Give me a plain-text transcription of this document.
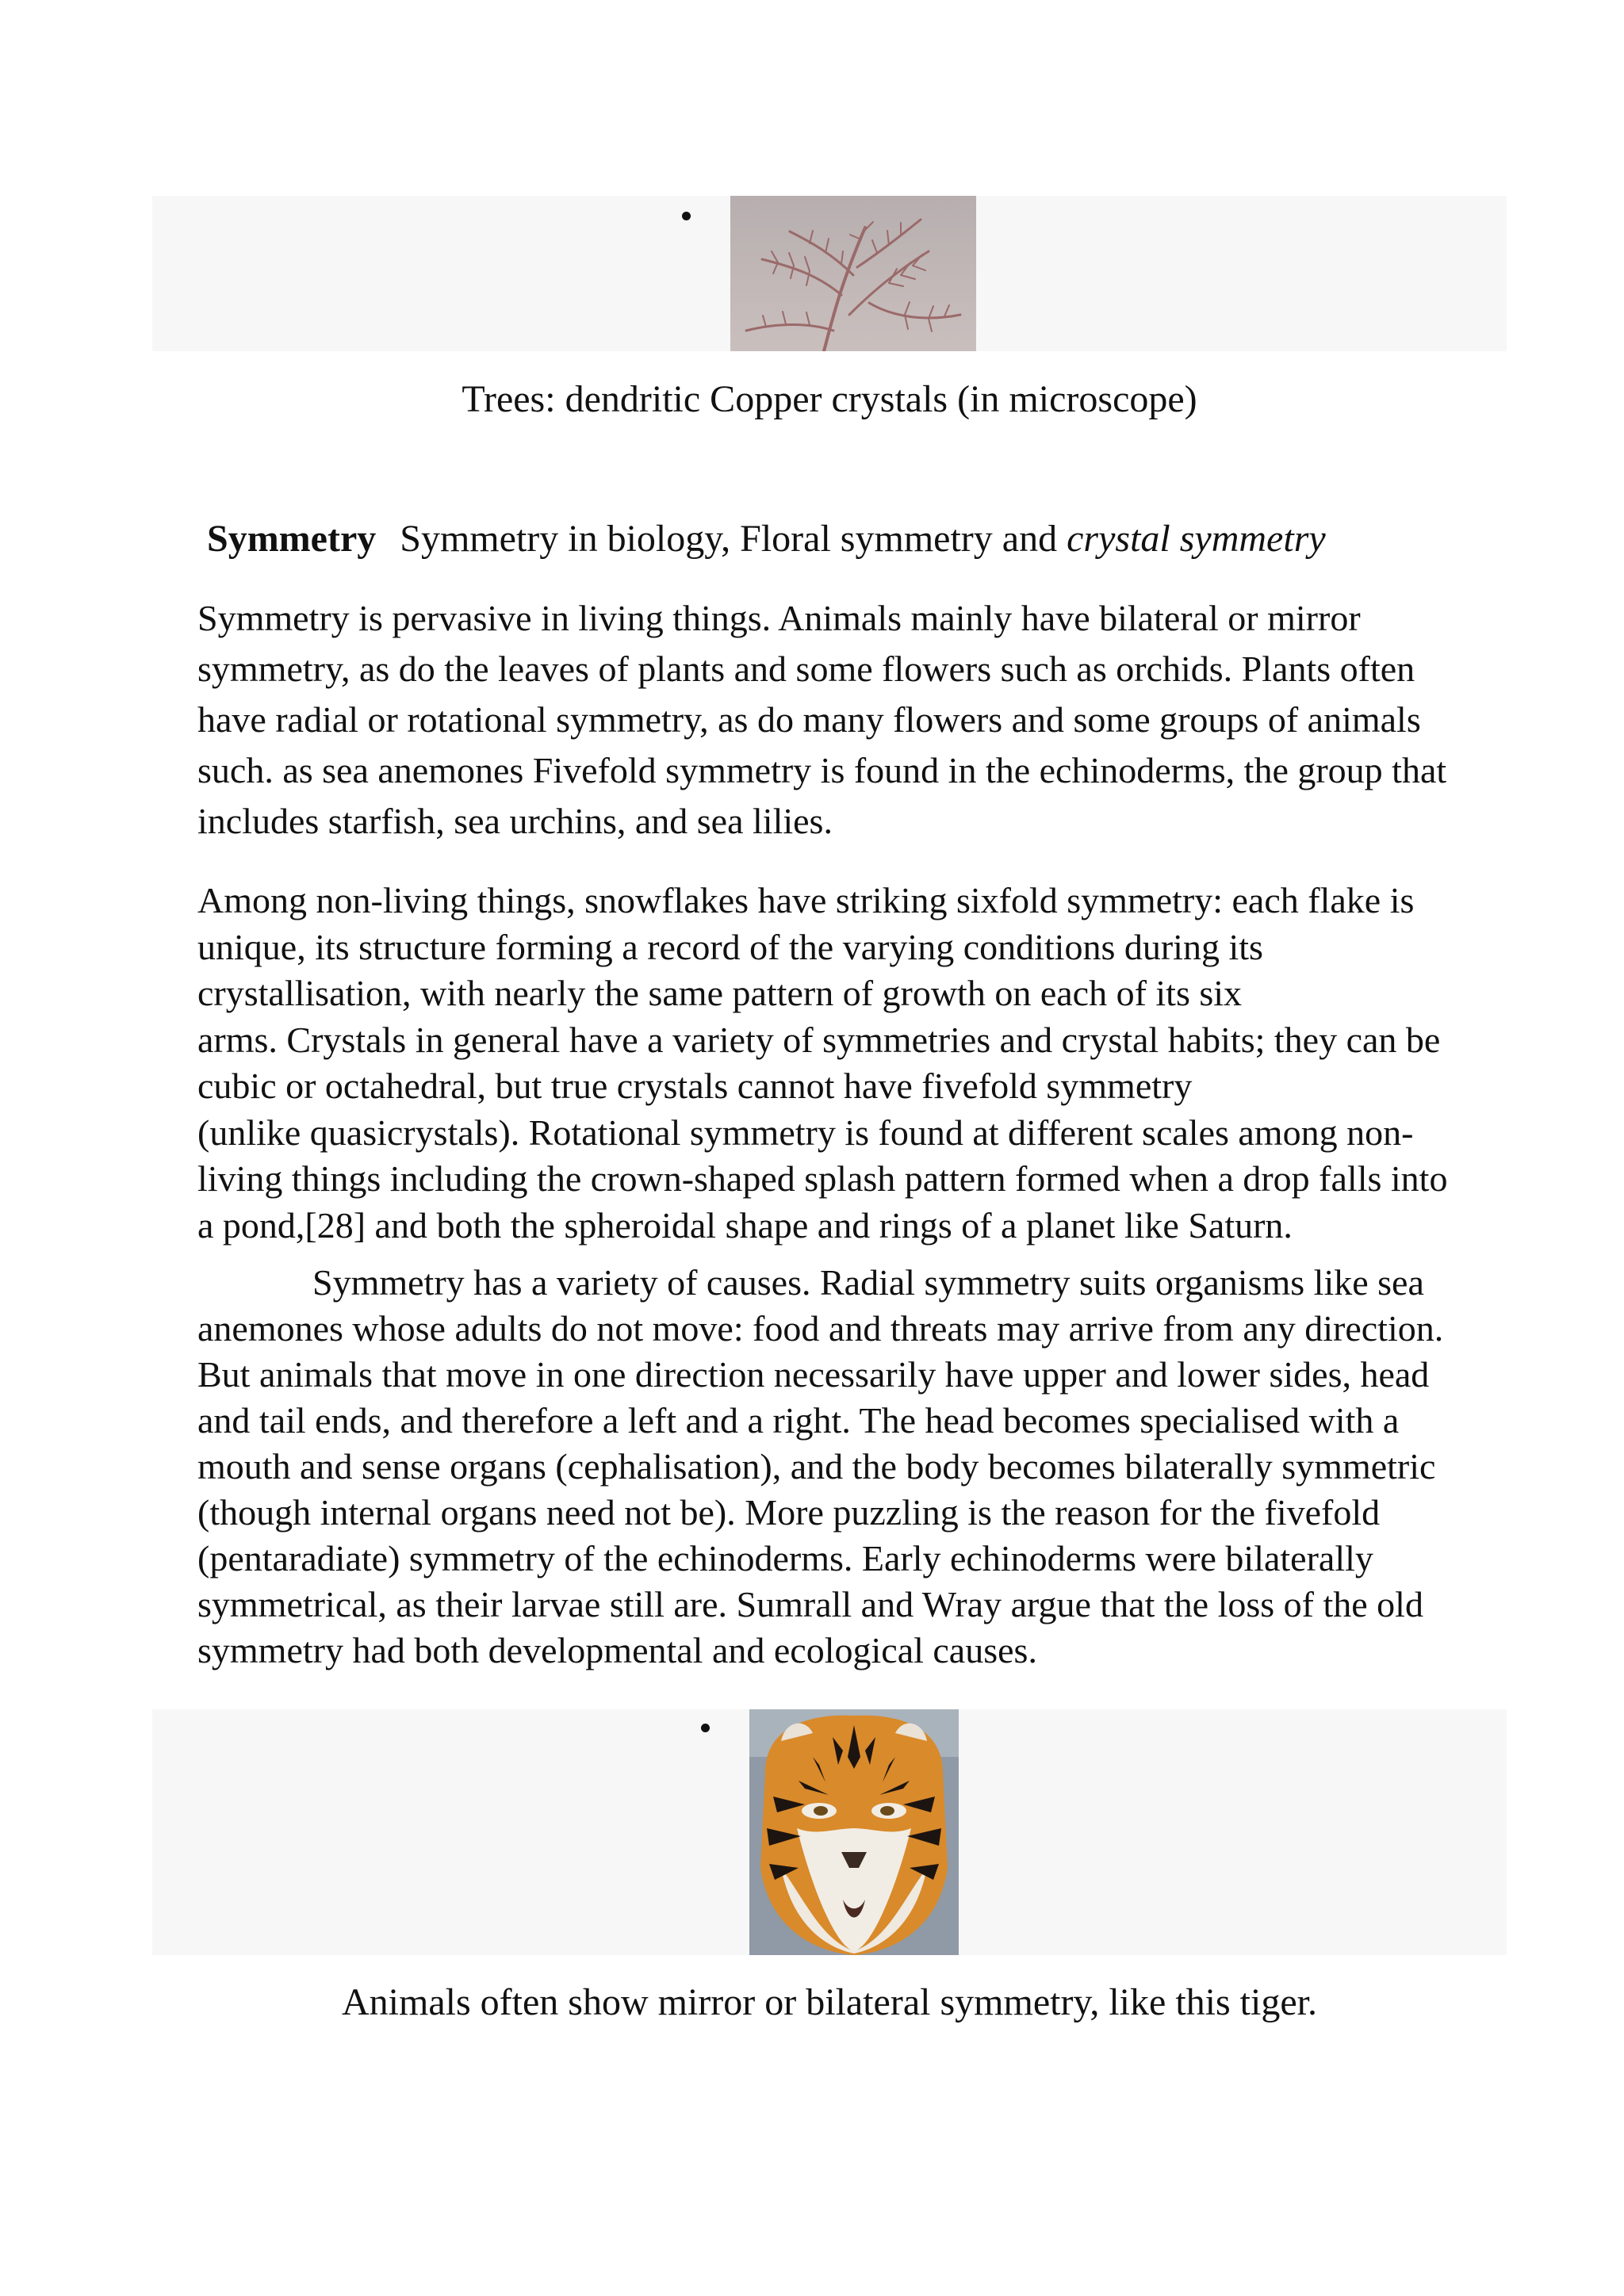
Trees: dendritic Copper crystals (in microscope)
Symmetry Symmetry in biology, Floral symmetry and crystal symmetry
Symmetry is pervasive in living things. Animals mainly have bilateral or mirror
symmetry, as do the leaves of plants and some flowers such as orchids. Plants often
have radial or rotational symmetry, as do many flowers and some groups of animals
such. as sea anemones Fivefold symmetry is found in the echinoderms, the group that
includes starfish, sea urchins, and sea lilies.
Among non-living things, snowflakes have striking sixfold symmetry: each flake is
unique, its structure forming a record of the varying conditions during its
crystallisation, with nearly the same pattern of growth on each of its six
arms. Crystals in general have a variety of symmetries and crystal habits; they can be
cubic or octahedral, but true crystals cannot have fivefold symmetry
(unlike quasicrystals). Rotational symmetry is found at different scales among non-
living things including the crown-shaped splash pattern formed when a drop falls into
a pond,[28] and both the spheroidal shape and rings of a planet like Saturn.
Symmetry has a variety of causes. Radial symmetry suits organisms like sea
anemones whose adults do not move: food and threats may arrive from any direction.
But animals that move in one direction necessarily have upper and lower sides, head
and tail ends, and therefore a left and a right. The head becomes specialised with a
mouth and sense organs (cephalisation), and the body becomes bilaterally symmetric
(though internal organs need not be). More puzzling is the reason for the fivefold
(pentaradiate) symmetry of the echinoderms. Early echinoderms were bilaterally
symmetrical, as their larvae still are. Sumrall and Wray argue that the loss of the old
symmetry had both developmental and ecological causes.
Animals often show mirror or bilateral symmetry, like this tiger.
